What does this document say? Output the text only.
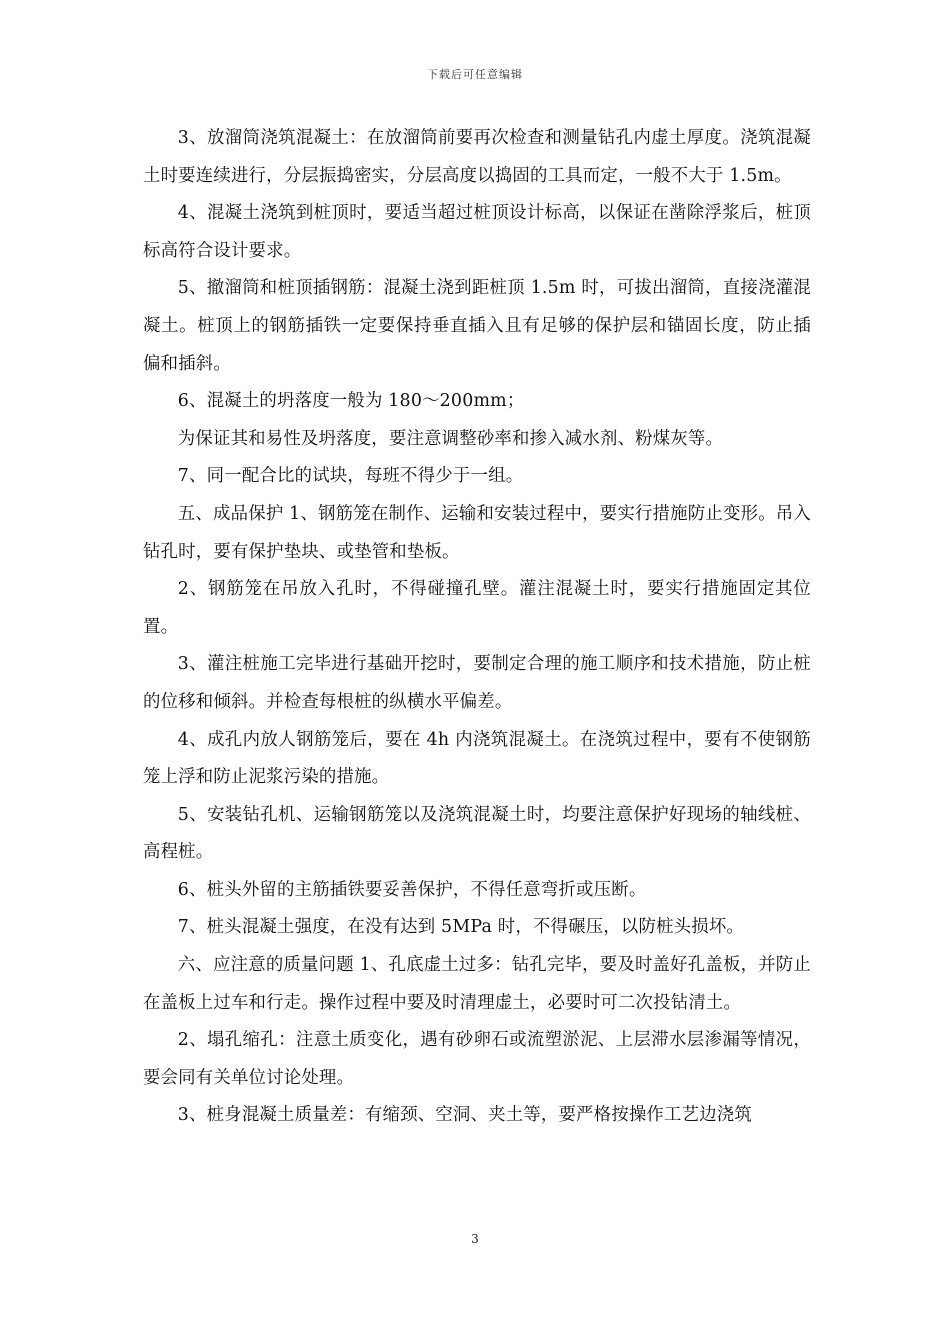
下载后可任意编辑

3、放溜筒浇筑混凝土：在放溜筒前要再次检查和测量钻孔内虚土厚度。浇筑混凝土时要连续进行，分层振捣密实，分层高度以捣固的工具而定，一般不大于 1.5m。

4、混凝土浇筑到桩顶时，要适当超过桩顶设计标高，以保证在凿除浮浆后，桩顶标高符合设计要求。

5、撤溜筒和桩顶插钢筋：混凝土浇到距桩顶 1.5m 时，可拔出溜筒，直接浇灌混凝土。桩顶上的钢筋插铁一定要保持垂直插入且有足够的保护层和锚固长度，防止插偏和插斜。

6、混凝土的坍落度一般为 180～200mm；

为保证其和易性及坍落度，要注意调整砂率和掺入减水剂、粉煤灰等。

7、同一配合比的试块，每班不得少于一组。

五、成品保护 1、钢筋笼在制作、运输和安装过程中，要实行措施防止变形。吊入钻孔时，要有保护垫块、或垫管和垫板。

2、钢筋笼在吊放入孔时，不得碰撞孔壁。灌注混凝土时，要实行措施固定其位置。

3、灌注桩施工完毕进行基础开挖时，要制定合理的施工顺序和技术措施，防止桩的位移和倾斜。并检查每根桩的纵横水平偏差。

4、成孔内放人钢筋笼后，要在 4h 内浇筑混凝土。在浇筑过程中，要有不使钢筋笼上浮和防止泥浆污染的措施。

5、安装钻孔机、运输钢筋笼以及浇筑混凝土时，均要注意保护好现场的轴线桩、高程桩。

6、桩头外留的主筋插铁要妥善保护，不得任意弯折或压断。

7、桩头混凝土强度，在没有达到 5MPa 时，不得碾压，以防桩头损坏。

六、应注意的质量问题 1、孔底虚土过多：钻孔完毕，要及时盖好孔盖板，并防止在盖板上过车和行走。操作过程中要及时清理虚土，必要时可二次投钻清土。

2、塌孔缩孔：注意土质变化，遇有砂卵石或流塑淤泥、上层滞水层渗漏等情况，要会同有关单位讨论处理。

3、桩身混凝土质量差：有缩颈、空洞、夹土等，要严格按操作工艺边浇筑

3
